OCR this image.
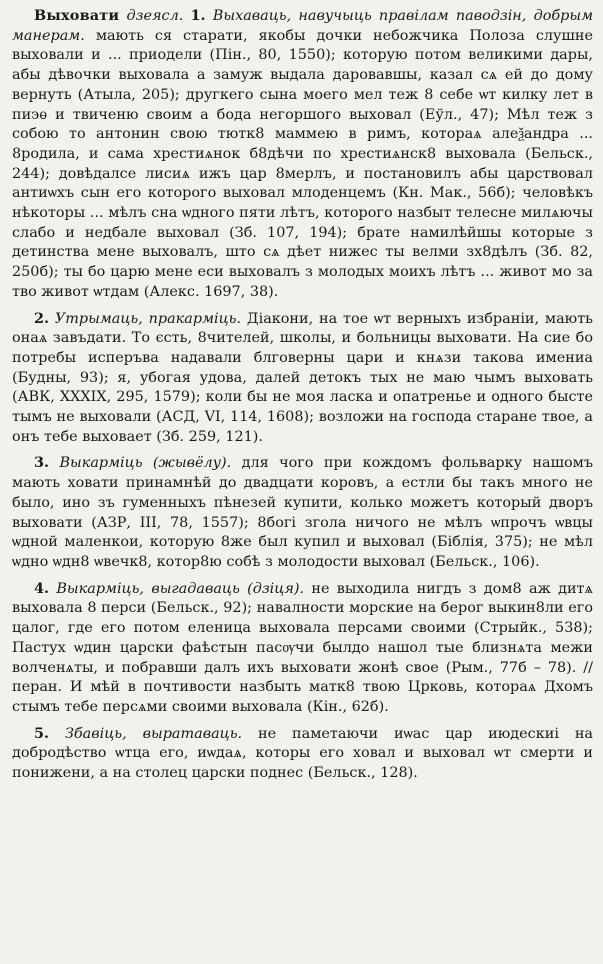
Выховати дзеясл. 1. Выхаваць, навучыць правілам паводзін, добрым манерам. мають ся старати, якобы дочки небожчика Полоза слушне выховали и ... приодели (Пін., 80, 1550); которую потом великими дары, абы дѣвочки выховала а замуж выдала даровавшы, казал сѧ ей до дому вернуть (Атыла, 205); другкего сына моего мел теж 8 себе ѡт килку лет в пиэѳ и твиченю своим а бода негоршого выховал (Еўл., 47); Мѣл теж з собою то антонин свою тютк8 маммею в римъ, котораѧ алеѯандра ... 8родила, и сама хрестиѧнок б8дѣчи по хрестиѧнск8 выховала (Бельск., 244); довѣдалсе лисиѧ ижъ цар 8мерлъ, и постановилъ абы царствовал антиѡхъ сын его которого выховал млоденцемъ (Кн. Мак., 56б); человѣкъ нѣкоторы ... мѣлъ сна ѡдного пяти лѣтъ, которого назбыт телесне милѧючы слабо и недбале выховал (Зб. 107, 194); брате намилѣйшы которые з детинства мене выховалъ, што сѧ дѣет нижес ты велми зх8дѣлъ (Зб. 82, 250б); ты бо царю мене еси выховалъ з молодых моихъ лѣтъ ... живот мо за тво живот ѡтдам (Алекс. 1697, 38).

2. Утрымаць, пракарміць. Діакони, на тое ѡт верныхъ избраніи, мають онаѧ завъдати. То єсть, 8чителей, школы, и больницы выховати. На сие бо потребы исперъва надавали блговерны цари и кнѧзи такова имениа (Будны, 93); я, убогая удова, далей детокъ тых не маю чымъ выховать (АВК, XXXIX, 295, 1579); коли бы не моя ласка и опатренье и одного бысте тымъ не выховали (АСД, VI, 114, 1608); возложи на господа старане твое, а онъ тебе выховает (Зб. 259, 121).

3. Выкарміць (жывёлу). для чого при кождомъ фольварку нашомъ мають ховати принамнѣй до двадцати коровъ, а естли бы такъ много не было, ино зъ гуменныхъ пѣнезей купити, колько можетъ который дворъ выховати (АЗР, III, 78, 1557); 8богі згола ничого не мѣлъ ѡпрочъ ѡвцы ѡдной маленкои, которую 8же был купил и выховал (Біблія, 375); не мѣл ѡдно ѡдн8 ѡвечк8, котор8ю собѣ з молодости выховал (Бельск., 106).

4. Выкарміць, выгадаваць (дзіця). не выходила нигдъ з дом8 аж дитѧ выховала 8 перси (Бельск., 92); навалности морские на берог выкин8ли его цалог, где его потом еленица выховала персами своими (Стрыйк., 538); Пастух ѡдин царски фаѣстын пасѹчи былдо нашол тые близнѧта межи волченѧты, и побравши далъ ихъ выховати жонѣ свое (Рым., 77б – 78). // перан. И мѣй в почтивости назбыть матк8 твою Црковь, котораѧ Дхомъ стымъ тебе персѧми своими выховала (Кін., 62б).

5. Збавіць, выратаваць. не паметаючи иѡас цар июдескиі на добродѣство ѡтца его, иѡдаѧ, которы его ховал и выховал ѡт смерти и понижени, а на столец царски поднес (Бельск., 128).
